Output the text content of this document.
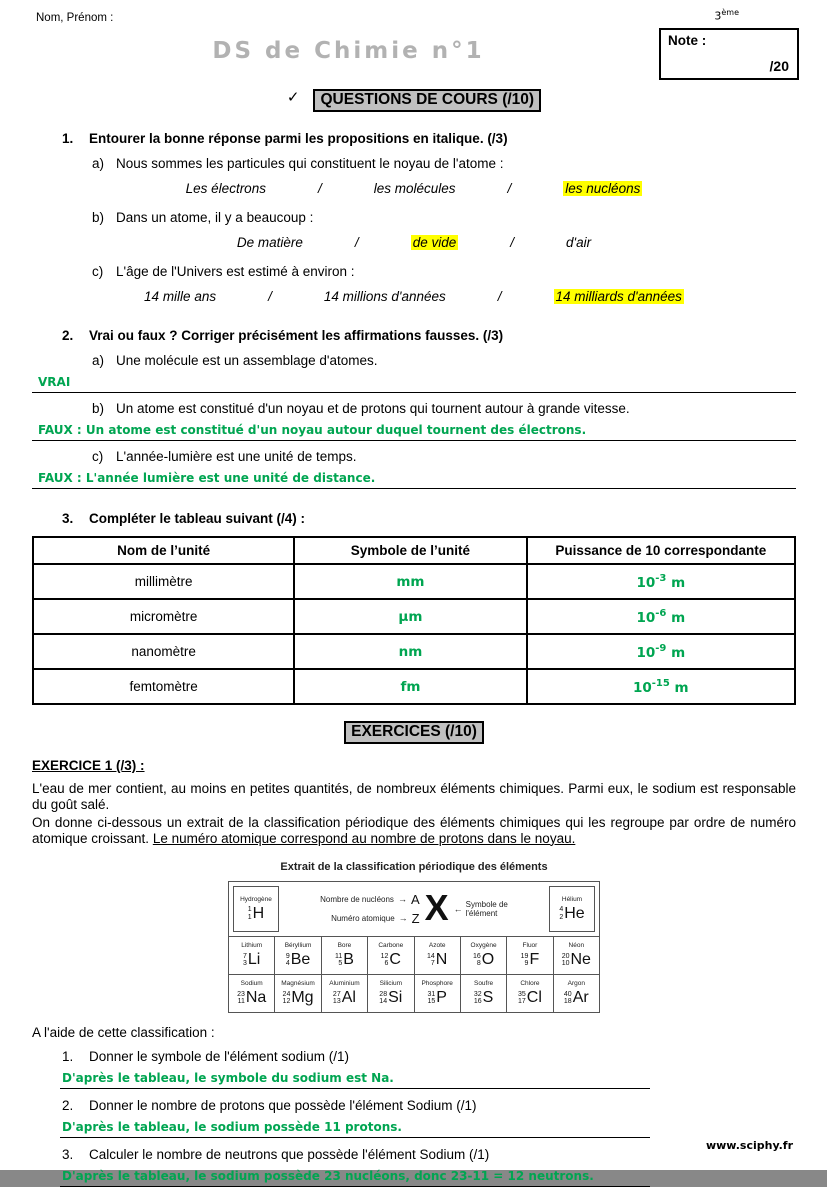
Nom, Prénom :	3ème
Note :
/20
DS de Chimie n°1
✓ QUESTIONS DE COURS (/10)
1.	Entourer la bonne réponse parmi les propositions en italique. (/3)
a) Nous sommes les particules qui constituent le noyau de l'atome :
Les électrons	/	les molécules	/	les nucléons
b) Dans un atome, il y a beaucoup :
De matière	/	de vide	/	d'air
c) L'âge de l'Univers est estimé à environ :
14 mille ans	/	14 millions d'années	/	14 milliards d'années
2.	Vrai ou faux ? Corriger précisément les affirmations fausses. (/3)
a) Une molécule est un assemblage d'atomes.
VRAI
b) Un atome est constitué d'un noyau et de protons qui tournent autour à grande vitesse.
FAUX : Un atome est constitué d'un noyau autour duquel tournent des électrons.
c) L'année-lumière est une unité de temps.
FAUX : L'année lumière est une unité de distance.
3.	Compléter le tableau suivant (/4) :
Nom de l’unité	Symbole de l’unité	Puissance de 10 correspondante
millimètre	mm	$10^{-3}$ m
micromètre	µm	$10^{-6}$ m
nanomètre	nm	$10^{-9}$ m
femtomètre	fm	$10^{-15}$ m
EXERCICES (/10)
EXERCICE 1 (/3) :

L'eau de mer contient, au moins en petites quantités, de nombreux éléments chimiques. Parmi eux, le sodium est responsable du goût salé.

On donne ci-dessous un extrait de la classification périodique des éléments chimiques qui les regroupe par ordre de numéro atomique croissant. Le numéro atomique correspond au nombre de protons dans le noyau.

Extrait de la classification périodique des éléments
Hydrogène
1
1 H
Nombre de nucléons → A
Numéro atomique → Z X ← Symbole de
l'élément
Hélium
4
2 He
Lithium
7
3 Li
Béryllium
9
4 Be
Bore
11
5 B
Carbone
12
6 C
Azote
14
7 N
Oxygène
16
8 O
Fluor
19
9 F
Néon
20
10 Ne
Sodium
23
11 Na
Magnésium
24
12 Mg
Aluminium
27
13 Al
Silicium
28
14 Si
Phosphore
31
15 P
Soufre
32
16 S
Chlore
35
17 Cl
Argon
40
18 Ar
A l'aide de cette classification :
1.	Donner le symbole de l'élément sodium (/1)
D'après le tableau, le symbole du sodium est Na.
2.	Donner le nombre de protons que possède l'élément Sodium (/1)
D'après le tableau, le sodium possède 11 protons.
3.	Calculer le nombre de neutrons que possède l'élément Sodium (/1)
D'après le tableau, le sodium possède 23 nucléons, donc 23-11 = 12 neutrons.
www.sciphy.fr
